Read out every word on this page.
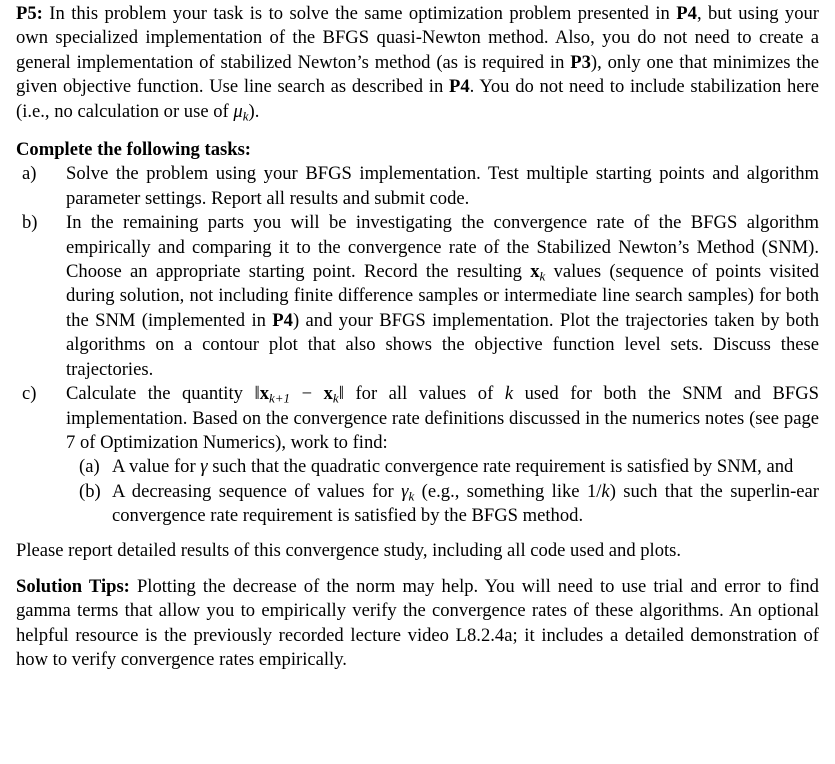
P5: In this problem your task is to solve the same optimization problem presented in P4, but using your own specialized implementation of the BFGS quasi-Newton method. Also, you do not need to create a general implementation of stabilized Newton’s method (as is required in P3), only one that minimizes the given objective function. Use line search as described in P4. You do not need to include stabilization here (i.e., no calculation or use of $\mu_k$).

Complete the following tasks:

a) Solve the problem using your BFGS implementation. Test multiple starting points and algorithm parameter settings. Report all results and submit code.
b) In the remaining parts you will be investigating the convergence rate of the BFGS algorithm empirically and comparing it to the convergence rate of the Stabilized Newton’s Method (SNM). Choose an appropriate starting point. Record the resulting $x_k$ values (sequence of points visited during solution, not including finite difference samples or intermediate line search samples) for both the SNM (implemented in P4) and your BFGS implementation. Plot the trajectories taken by both algorithms on a contour plot that also shows the objective function level sets. Discuss these trajectories.
c) Calculate the quantity $‖x_{k+1}$ − $x_k‖$ for all values of k used for both the SNM and BFGS implementation. Based on the convergence rate definitions discussed in the numerics notes (see page 7 of Optimization Numerics), work to find:
(a) A value for γ such that the quadratic convergence rate requirement is satisfied by SNM, and
(b) A decreasing sequence of values for $\gamma_k$ (e.g., something like 1/k) such that the superlin-ear convergence rate requirement is satisfied by the BFGS method.

Please report detailed results of this convergence study, including all code used and plots.

Solution Tips: Plotting the decrease of the norm may help. You will need to use trial and error to find gamma terms that allow you to empirically verify the convergence rates of these algorithms. An optional helpful resource is the previously recorded lecture video L8.2.4a; it includes a detailed demonstration of how to verify convergence rates empirically.
